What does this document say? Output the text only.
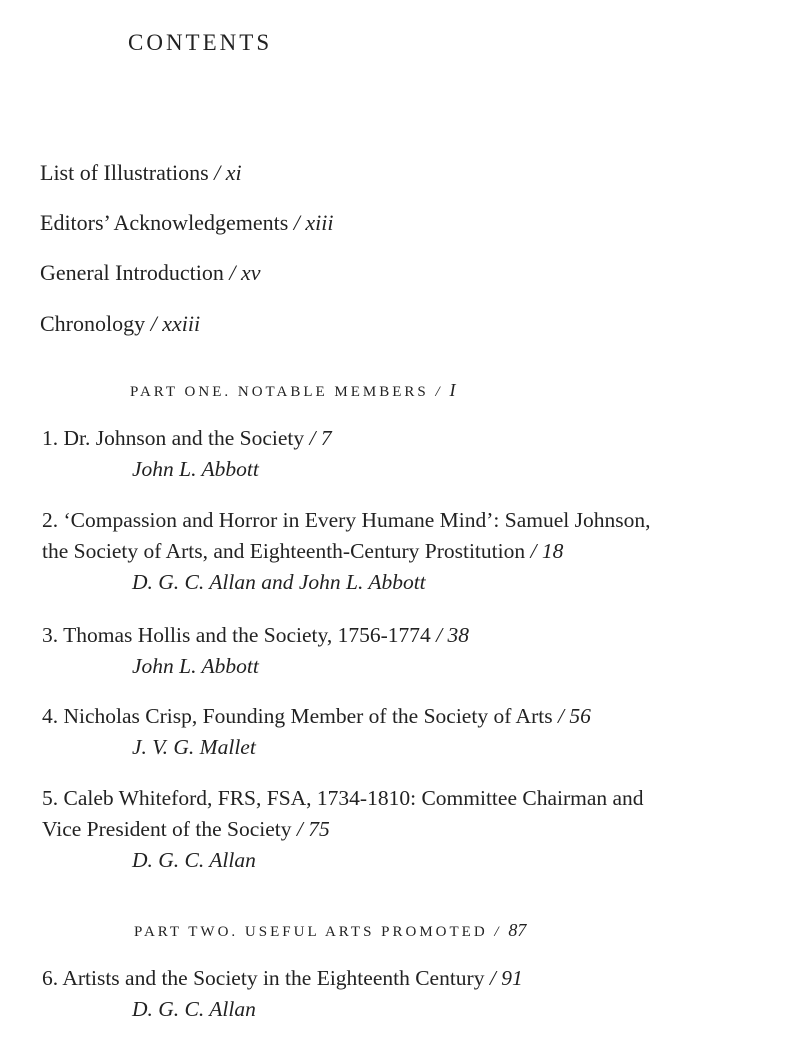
CONTENTS
List of Illustrations / xi
Editors’ Acknowledgements / xiii
General Introduction / xv
Chronology / xxiii
PART ONE. NOTABLE MEMBERS / I
1. Dr. Johnson and the Society / 7
John L. Abbott
2. ‘Compassion and Horror in Every Humane Mind’: Samuel Johnson,
the Society of Arts, and Eighteenth-Century Prostitution / 18
D. G. C. Allan and John L. Abbott
3. Thomas Hollis and the Society, 1756-1774 / 38
John L. Abbott
4. Nicholas Crisp, Founding Member of the Society of Arts / 56
J. V. G. Mallet
5. Caleb Whiteford, FRS, FSA, 1734-1810: Committee Chairman and
Vice President of the Society / 75
D. G. C. Allan
PART TWO. USEFUL ARTS PROMOTED / 87
6. Artists and the Society in the Eighteenth Century / 91
D. G. C. Allan
